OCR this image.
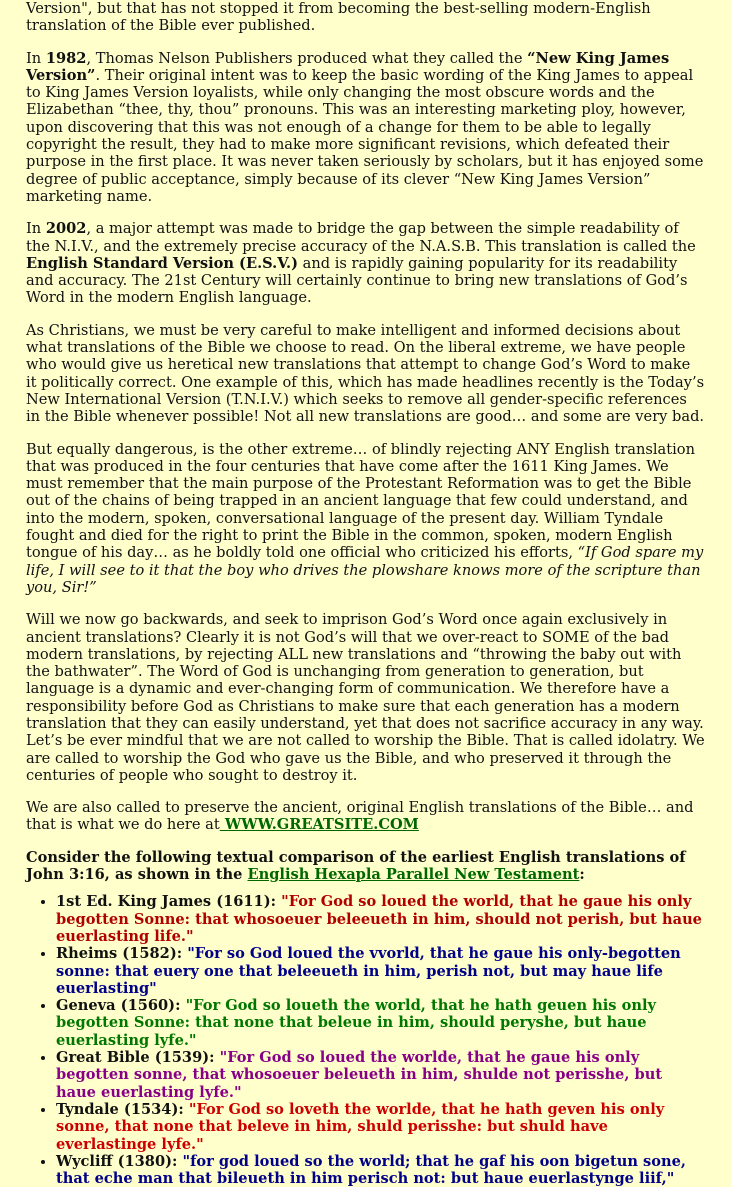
Version", but that has not stopped it from becoming the best-selling modern-English translation of the Bible ever published.

In 1982, Thomas Nelson Publishers produced what they called the “New King James Version”. Their original intent was to keep the basic wording of the King James to appeal to King James Version loyalists, while only changing the most obscure words and the Elizabethan “thee, thy, thou” pronouns. This was an interesting marketing ploy, however, upon discovering that this was not enough of a change for them to be able to legally copyright the result, they had to make more significant revisions, which defeated their purpose in the first place. It was never taken seriously by scholars, but it has enjoyed some degree of public acceptance, simply because of its clever “New King James Version” marketing name.

In 2002, a major attempt was made to bridge the gap between the simple readability of the N.I.V., and the extremely precise accuracy of the N.A.S.B. This translation is called the English Standard Version (E.S.V.) and is rapidly gaining popularity for its readability and accuracy. The 21st Century will certainly continue to bring new translations of God’s Word in the modern English language.

As Christians, we must be very careful to make intelligent and informed decisions about what translations of the Bible we choose to read. On the liberal extreme, we have people who would give us heretical new translations that attempt to change God’s Word to make it politically correct. One example of this, which has made headlines recently is the Today’s New International Version (T.N.I.V.) which seeks to remove all gender-specific references in the Bible whenever possible! Not all new translations are good… and some are very bad.

But equally dangerous, is the other extreme… of blindly rejecting ANY English translation that was produced in the four centuries that have come after the 1611 King James. We must remember that the main purpose of the Protestant Reformation was to get the Bible out of the chains of being trapped in an ancient language that few could understand, and into the modern, spoken, conversational language of the present day. William Tyndale fought and died for the right to print the Bible in the common, spoken, modern English tongue of his day… as he boldly told one official who criticized his efforts, “If God spare my life, I will see to it that the boy who drives the plowshare knows more of the scripture than you, Sir!”

Will we now go backwards, and seek to imprison God’s Word once again exclusively in ancient translations? Clearly it is not God’s will that we over-react to SOME of the bad modern translations, by rejecting ALL new translations and “throwing the baby out with the bathwater”. The Word of God is unchanging from generation to generation, but language is a dynamic and ever-changing form of communication. We therefore have a responsibility before God as Christians to make sure that each generation has a modern translation that they can easily understand, yet that does not sacrifice accuracy in any way. Let’s be ever mindful that we are not called to worship the Bible. That is called idolatry. We are called to worship the God who gave us the Bible, and who preserved it through the centuries of people who sought to destroy it.

We are also called to preserve the ancient, original English translations of the Bible… and that is what we do here at WWW.GREATSITE.COM

Consider the following textual comparison of the earliest English translations of John 3:16, as shown in the English Hexapla Parallel New Testament:
• 1st Ed. King James (1611): "For God so loued the world, that he gaue his only begotten Sonne: that whosoeuer beleeueth in him, should not perish, but haue euerlasting life."
• Rheims (1582): "For so God loued the vvorld, that he gaue his only-begotten sonne: that euery one that beleeueth in him, perish not, but may haue life euerlasting"
• Geneva (1560): "For God so loueth the world, that he hath geuen his only begotten Sonne: that none that beleue in him, should peryshe, but haue euerlasting lyfe."
• Great Bible (1539): "For God so loued the worlde, that he gaue his only begotten sonne, that whosoeuer beleueth in him, shulde not perisshe, but haue euerlasting lyfe."
• Tyndale (1534): "For God so loveth the worlde, that he hath geven his only sonne, that none that beleve in him, shuld perisshe: but shuld have everlastinge lyfe."
• Wycliff (1380): "for god loued so the world; that he gaf his oon bigetun sone, that eche man that bileueth in him perisch not: but haue euerlastynge liif,"
